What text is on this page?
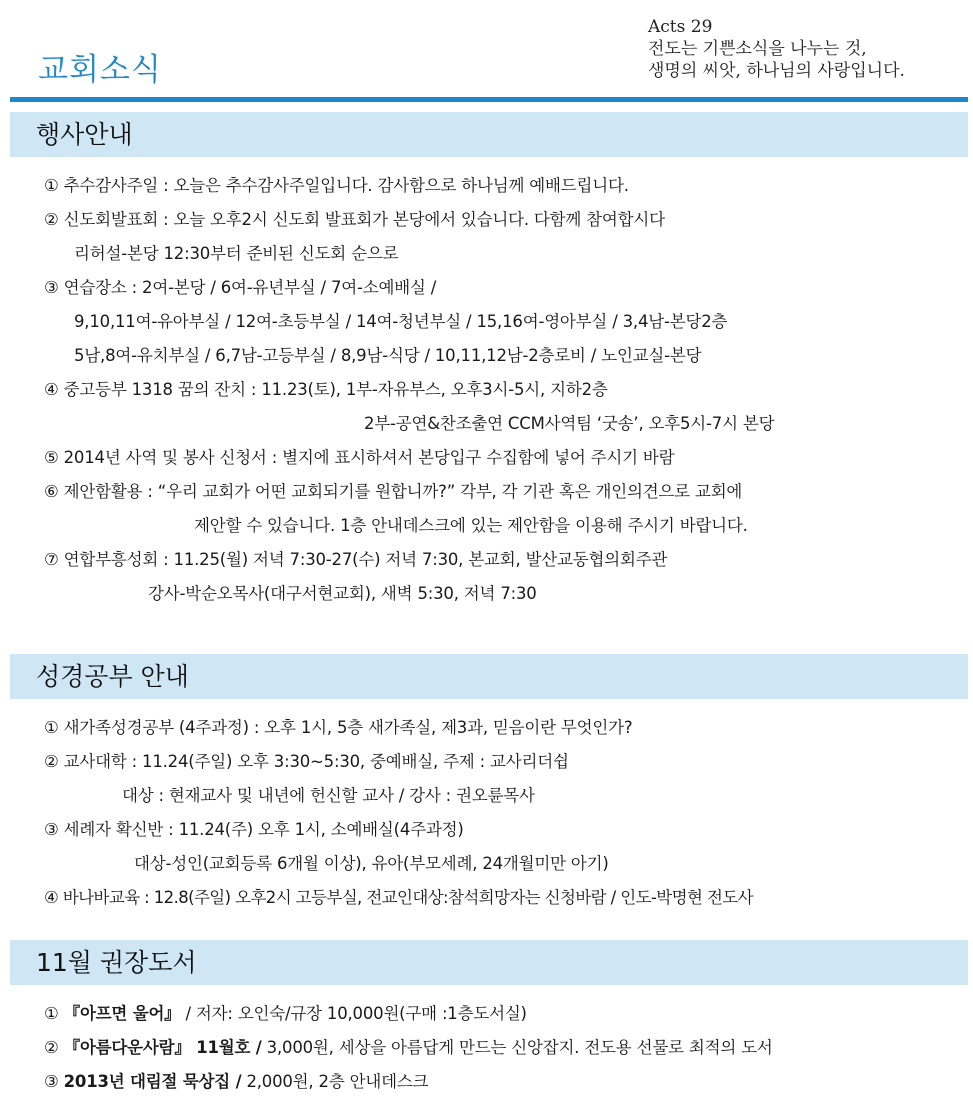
교회소식
Acts 29
전도는 기쁜소식을 나누는 것,
생명의 씨앗, 하나님의 사랑입니다.
행사안내
① 추수감사주일 : 오늘은 추수감사주일입니다. 감사함으로 하나님께 예배드립니다.
② 신도회발표회 : 오늘 오후2시 신도회 발표회가 본당에서 있습니다. 다함께 참여합시다
리허설-본당 12:30부터 준비된 신도회 순으로
③ 연습장소 : 2여-본당 / 6여-유년부실 / 7여-소예배실 /
9,10,11여-유아부실 / 12여-초등부실 / 14여-청년부실 / 15,16여-영아부실 / 3,4남-본당2층
5남,8여-유치부실 / 6,7남-고등부실 / 8,9남-식당 / 10,11,12남-2층로비 / 노인교실-본당
④ 중고등부 1318 꿈의 잔치 : 11.23(토), 1부-자유부스, 오후3시-5시, 지하2층
2부-공연&찬조출연 CCM사역팀 ‘굿송’, 오후5시-7시 본당
⑤ 2014년 사역 및 봉사 신청서 : 별지에 표시하셔서 본당입구 수집함에 넣어 주시기 바람
⑥ 제안함활용 : “우리 교회가 어떤 교회되기를 원합니까?” 각부, 각 기관 혹은 개인의견으로 교회에
제안할 수 있습니다. 1층 안내데스크에 있는 제안함을 이용해 주시기 바랍니다.
⑦ 연합부흥성회 : 11.25(월) 저녁 7:30-27(수) 저녁 7:30, 본교회, 발산교동협의회주관
강사-박순오목사(대구서현교회), 새벽 5:30, 저녁 7:30
성경공부 안내
① 새가족성경공부 (4주과정) : 오후 1시, 5층 새가족실, 제3과, 믿음이란 무엇인가?
② 교사대학 : 11.24(주일) 오후 3:30~5:30, 중예배실, 주제 : 교사리더쉽
대상 : 현재교사 및 내년에 헌신할 교사 / 강사 : 권오륜목사
③ 세례자 확신반 : 11.24(주) 오후 1시, 소예배실(4주과정)
대상-성인(교회등록 6개월 이상), 유아(부모세례, 24개월미만 아기)
④ 바나바교육 : 12.8(주일) 오후2시 고등부실, 전교인대상:참석희망자는 신청바람 / 인도-박명현 전도사
11월 권장도서
① 『아프면 울어』 / 저자: 오인숙/규장 10,000원(구매 :1층도서실)
② 『아름다운사람』 11월호 / 3,000원, 세상을 아름답게 만드는 신앙잡지. 전도용 선물로 최적의 도서
③ 2013년 대림절 묵상집 / 2,000원, 2층 안내데스크
